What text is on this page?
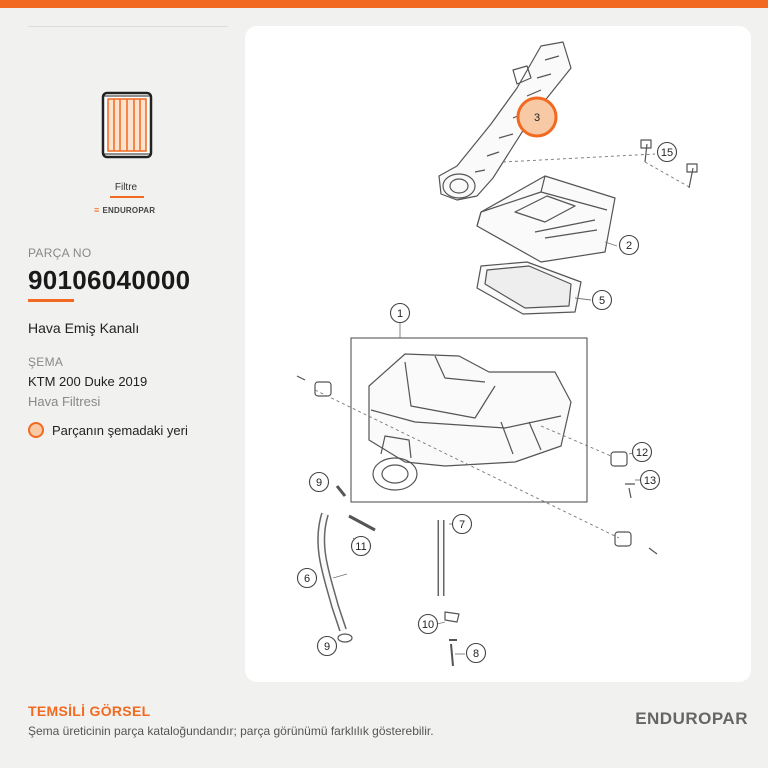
Filtre
≡ ENDUROPAR
PARÇA NO
90106040000
Hava Emiş Kanalı
ŞEMA
KTM 200 Duke 2019
Hava Filtresi
Parçanın şemadaki yeri
3
15
2
5
1
12
13
9
7
11
6
10
9
8
TEMSİLİ GÖRSEL
Şema üreticinin parça kataloğundandır; parça görünümü farklılık gösterebilir.
ENDUROPAR
